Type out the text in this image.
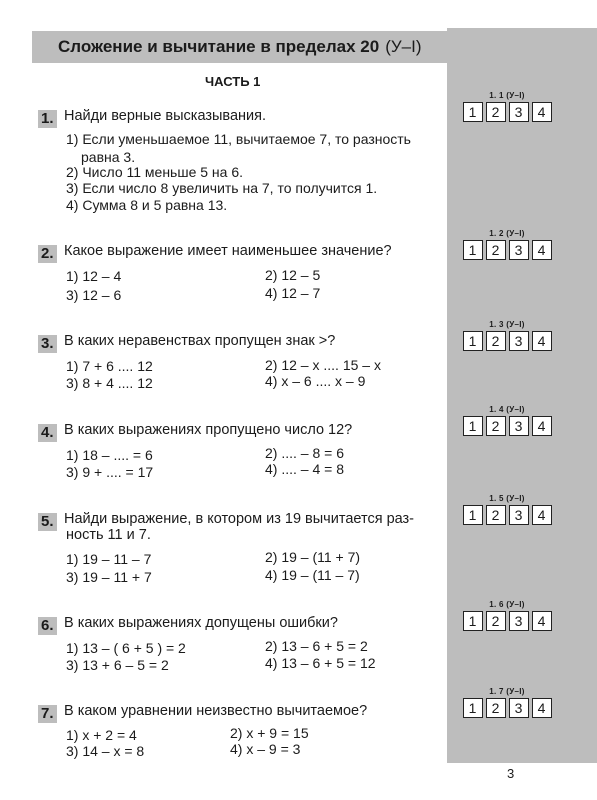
Сложение и вычитание в пределах 20 (У–I)
ЧАСТЬ 1
1. Найди верные высказывания.
1) Если уменьшаемое 11, вычитаемое 7, то разность
равна 3.
2) Число 11 меньше 5 на 6.
3) Если число 8 увеличить на 7, то получится 1.
4) Сумма 8 и 5 равна 13.
2. Какое выражение имеет наименьшее значение?
1) 12 – 4	2) 12 – 5
3) 12 – 6	4) 12 – 7
3. В каких неравенствах пропущен знак >?
1) 7 + 6 .... 12	2) 12 – x .... 15 – x
3) 8 + 4 .... 12	4) x – 6 .... x – 9
4. В каких выражениях пропущено число 12?
1) 18 – .... = 6	2) .... – 8 = 6
3) 9 + .... = 17	4) .... – 4 = 8
5. Найди выражение, в котором из 19 вычитается раз-
ность 11 и 7.
1) 19 – 11 – 7	2) 19 – (11 + 7)
3) 19 – 11 + 7	4) 19 – (11 – 7)
6. В каких выражениях допущены ошибки?
1) 13 – ( 6 + 5 ) = 2	2) 13 – 6 + 5 = 2
3) 13 + 6 – 5 = 2	4) 13 – 6 + 5 = 12
7. В каком уравнении неизвестно вычитаемое?
1) x + 2 = 4	2) x + 9 = 15
3) 14 – x = 8	4) x – 9 = 3
1. 1 (У–I)
1	2	3	4
1. 2 (У–I)
1	2	3	4
1. 3 (У–I)
1	2	3	4
1. 4 (У–I)
1	2	3	4
1. 5 (У–I)
1	2	3	4
1. 6 (У–I)
1	2	3	4
1. 7 (У–I)
1	2	3	4
3
